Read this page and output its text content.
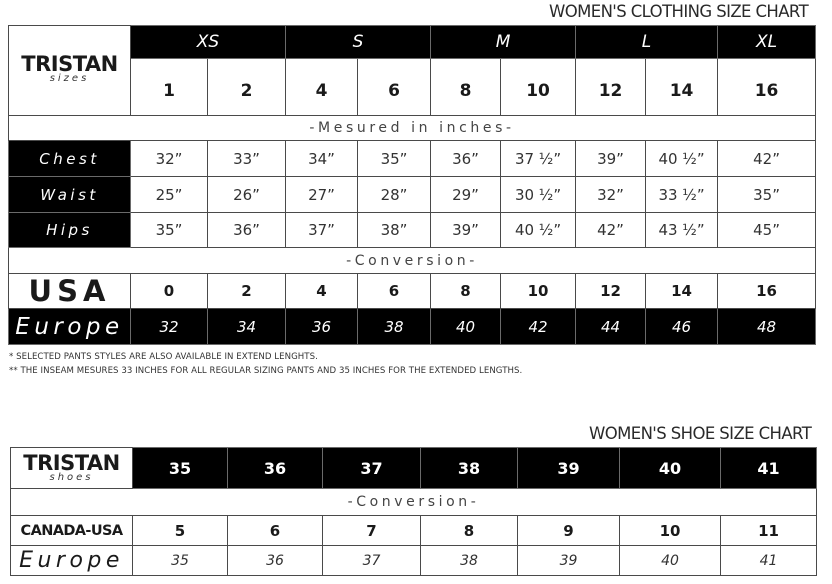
WOMEN'S CLOTHING SIZE CHART
TRISTAN
sizes	XS		S		M		L		XL
	1	2	4	6	8	10	12	14	16
-Mesured in inches-									
Chest	32”	33”	34”	35”	36”	37 ½”	39”	40 ½”	42”
Waist	25”	26”	27”	28”	29”	30 ½”	32”	33 ½”	35”
Hips	35”	36”	37”	38”	39”	40 ½”	42”	43 ½”	45”
-Conversion-									
USA	0	2	4	6	8	10	12	14	16
Europe	32	34	36	38	40	42	44	46	48
* SELECTED PANTS STYLES ARE ALSO AVAILABLE IN EXTEND LENGHTS.
** THE INSEAM MESURES 33 INCHES FOR ALL REGULAR SIZING PANTS AND 35 INCHES FOR THE EXTENDED LENGTHS.
WOMEN'S SHOE SIZE CHART
TRISTAN
shoes	35	36	37	38	39	40	41
-Conversion-							
CANADA-USA	5	6	7	8	9	10	11
Europe	35	36	37	38	39	40	41
